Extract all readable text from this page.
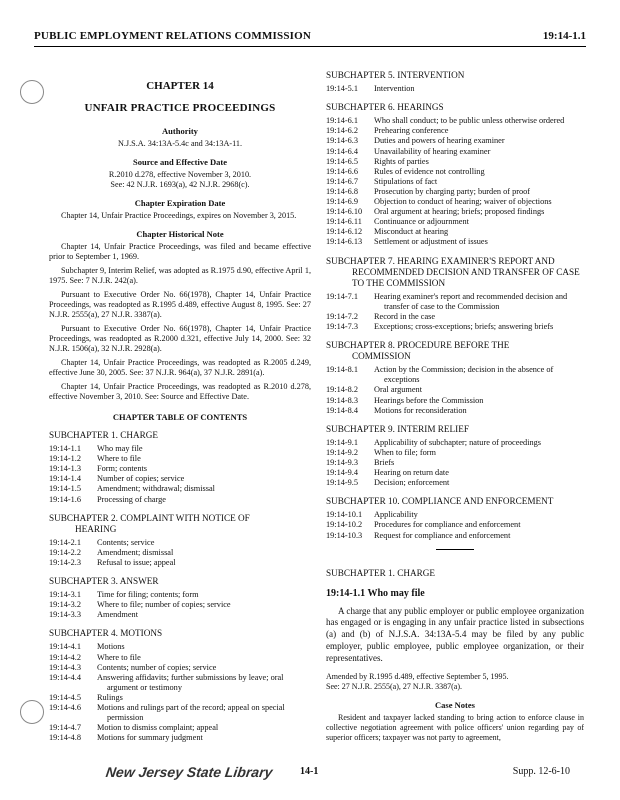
PUBLIC EMPLOYMENT RELATIONS COMMISSION	19:14-1.1
CHAPTER 14
UNFAIR PRACTICE PROCEEDINGS
Authority
N.J.S.A. 34:13A-5.4c and 34:13A-11.
Source and Effective Date
R.2010 d.278, effective November 3, 2010.
See: 42 N.J.R. 1693(a), 42 N.J.R. 2968(c).
Chapter Expiration Date

Chapter 14, Unfair Practice Proceedings, expires on November 3, 2015.

Chapter Historical Note

Chapter 14, Unfair Practice Proceedings, was filed and became effective prior to September 1, 1969.

Subchapter 9, Interim Relief, was adopted as R.1975 d.90, effective April 1, 1975. See: 7 N.J.R. 242(a).

Pursuant to Executive Order No. 66(1978), Chapter 14, Unfair Practice Proceedings, was readopted as R.1995 d.489, effective August 8, 1995. See: 27 N.J.R. 2555(a), 27 N.J.R. 3387(a).

Pursuant to Executive Order No. 66(1978), Chapter 14, Unfair Practice Proceedings, was readopted as R.2000 d.321, effective July 14, 2000. See: 32 N.J.R. 1506(a), 32 N.J.R. 2928(a).

Chapter 14, Unfair Practice Proceedings, was readopted as R.2005 d.249, effective June 30, 2005. See: 37 N.J.R. 964(a), 37 N.J.R. 2891(a).

Chapter 14, Unfair Practice Proceedings, was readopted as R.2010 d.278, effective November 3, 2010. See: Source and Effective Date.

CHAPTER TABLE OF CONTENTS
SUBCHAPTER 1. CHARGE
19:14-1.1	Who may file
19:14-1.2	Where to file
19:14-1.3	Form; contents
19:14-1.4	Number of copies; service
19:14-1.5	Amendment; withdrawal; dismissal
19:14-1.6	Processing of charge
SUBCHAPTER 2. COMPLAINT WITH NOTICE OF
HEARING
19:14-2.1	Contents; service
19:14-2.2	Amendment; dismissal
19:14-2.3	Refusal to issue; appeal
SUBCHAPTER 3. ANSWER
19:14-3.1	Time for filing; contents; form
19:14-3.2	Where to file; number of copies; service
19:14-3.3	Amendment
SUBCHAPTER 4. MOTIONS
19:14-4.1	Motions
19:14-4.2	Where to file
19:14-4.3	Contents; number of copies; service
19:14-4.4	Answering affidavits; further submissions by leave; oral argument or testimony
19:14-4.5	Rulings
19:14-4.6	Motions and rulings part of the record; appeal on special permission
19:14-4.7	Motion to dismiss complaint; appeal
19:14-4.8	Motions for summary judgment
SUBCHAPTER 5. INTERVENTION
19:14-5.1	Intervention
SUBCHAPTER 6. HEARINGS
19:14-6.1	Who shall conduct; to be public unless otherwise ordered
19:14-6.2	Prehearing conference
19:14-6.3	Duties and powers of hearing examiner
19:14-6.4	Unavailability of hearing examiner
19:14-6.5	Rights of parties
19:14-6.6	Rules of evidence not controlling
19:14-6.7	Stipulations of fact
19:14-6.8	Prosecution by charging party; burden of proof
19:14-6.9	Objection to conduct of hearing; waiver of objections
19:14-6.10	Oral argument at hearing; briefs; proposed findings
19:14-6.11	Continuance or adjournment
19:14-6.12	Misconduct at hearing
19:14-6.13	Settlement or adjustment of issues
SUBCHAPTER 7. HEARING EXAMINER'S REPORT AND
RECOMMENDED DECISION AND TRANSFER OF CASE TO THE COMMISSION
19:14-7.1	Hearing examiner's report and recommended decision and transfer of case to the Commission
19:14-7.2	Record in the case
19:14-7.3	Exceptions; cross-exceptions; briefs; answering briefs
SUBCHAPTER 8. PROCEDURE BEFORE THE
COMMISSION
19:14-8.1	Action by the Commission; decision in the absence of exceptions
19:14-8.2	Oral argument
19:14-8.3	Hearings before the Commission
19:14-8.4	Motions for reconsideration
SUBCHAPTER 9. INTERIM RELIEF
19:14-9.1	Applicability of subchapter; nature of proceedings
19:14-9.2	When to file; form
19:14-9.3	Briefs
19:14-9.4	Hearing on return date
19:14-9.5	Decision; enforcement
SUBCHAPTER 10. COMPLIANCE AND ENFORCEMENT
19:14-10.1	Applicability
19:14-10.2	Procedures for compliance and enforcement
19:14-10.3	Request for compliance and enforcement
SUBCHAPTER 1. CHARGE
19:14-1.1 Who may file

A charge that any public employer or public employee organization has engaged or is engaging in any unfair practice listed in subsections (a) and (b) of N.J.S.A. 34:13A-5.4 may be filed by any public employer, public employee, public employee organization, or their representatives.

Amended by R.1995 d.489, effective September 5, 1995.
See: 27 N.J.R. 2555(a), 27 N.J.R. 3387(a).
Case Notes

Resident and taxpayer lacked standing to bring action to enforce clause in collective negotiation agreement with police officers' union regarding pay of superior officers; taxpayer was not party to agreement,

New Jersey State Library	14-1	Supp. 12-6-10
